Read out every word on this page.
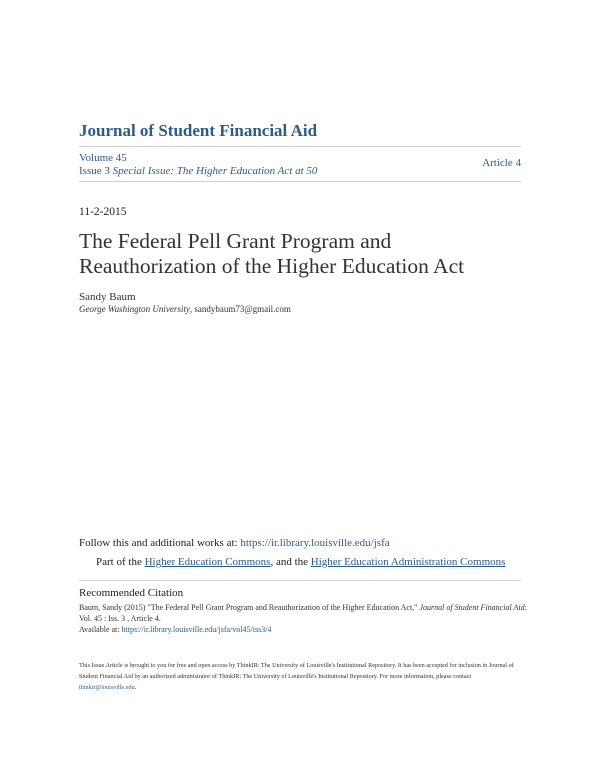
Journal of Student Financial Aid
Volume 45
Issue 3 Special Issue: The Higher Education Act at 50
Article 4
11-2-2015
The Federal Pell Grant Program and Reauthorization of the Higher Education Act
Sandy Baum
George Washington University, sandybaum73@gmail.com
Follow this and additional works at: https://ir.library.louisville.edu/jsfa
Part of the Higher Education Commons, and the Higher Education Administration Commons
Recommended Citation
Baum, Sandy (2015) "The Federal Pell Grant Program and Reauthorization of the Higher Education Act," Journal of Student Financial Aid: Vol. 45 : Iss. 3 , Article 4.
Available at: https://ir.library.louisville.edu/jsfa/vol45/iss3/4
This Issue Article is brought to you for free and open access by ThinkIR: The University of Louisville's Institutional Repository. It has been accepted for inclusion in Journal of Student Financial Aid by an authorized administrator of ThinkIR: The University of Louisville's Institutional Repository. For more information, please contact thinkir@louisville.edu.
